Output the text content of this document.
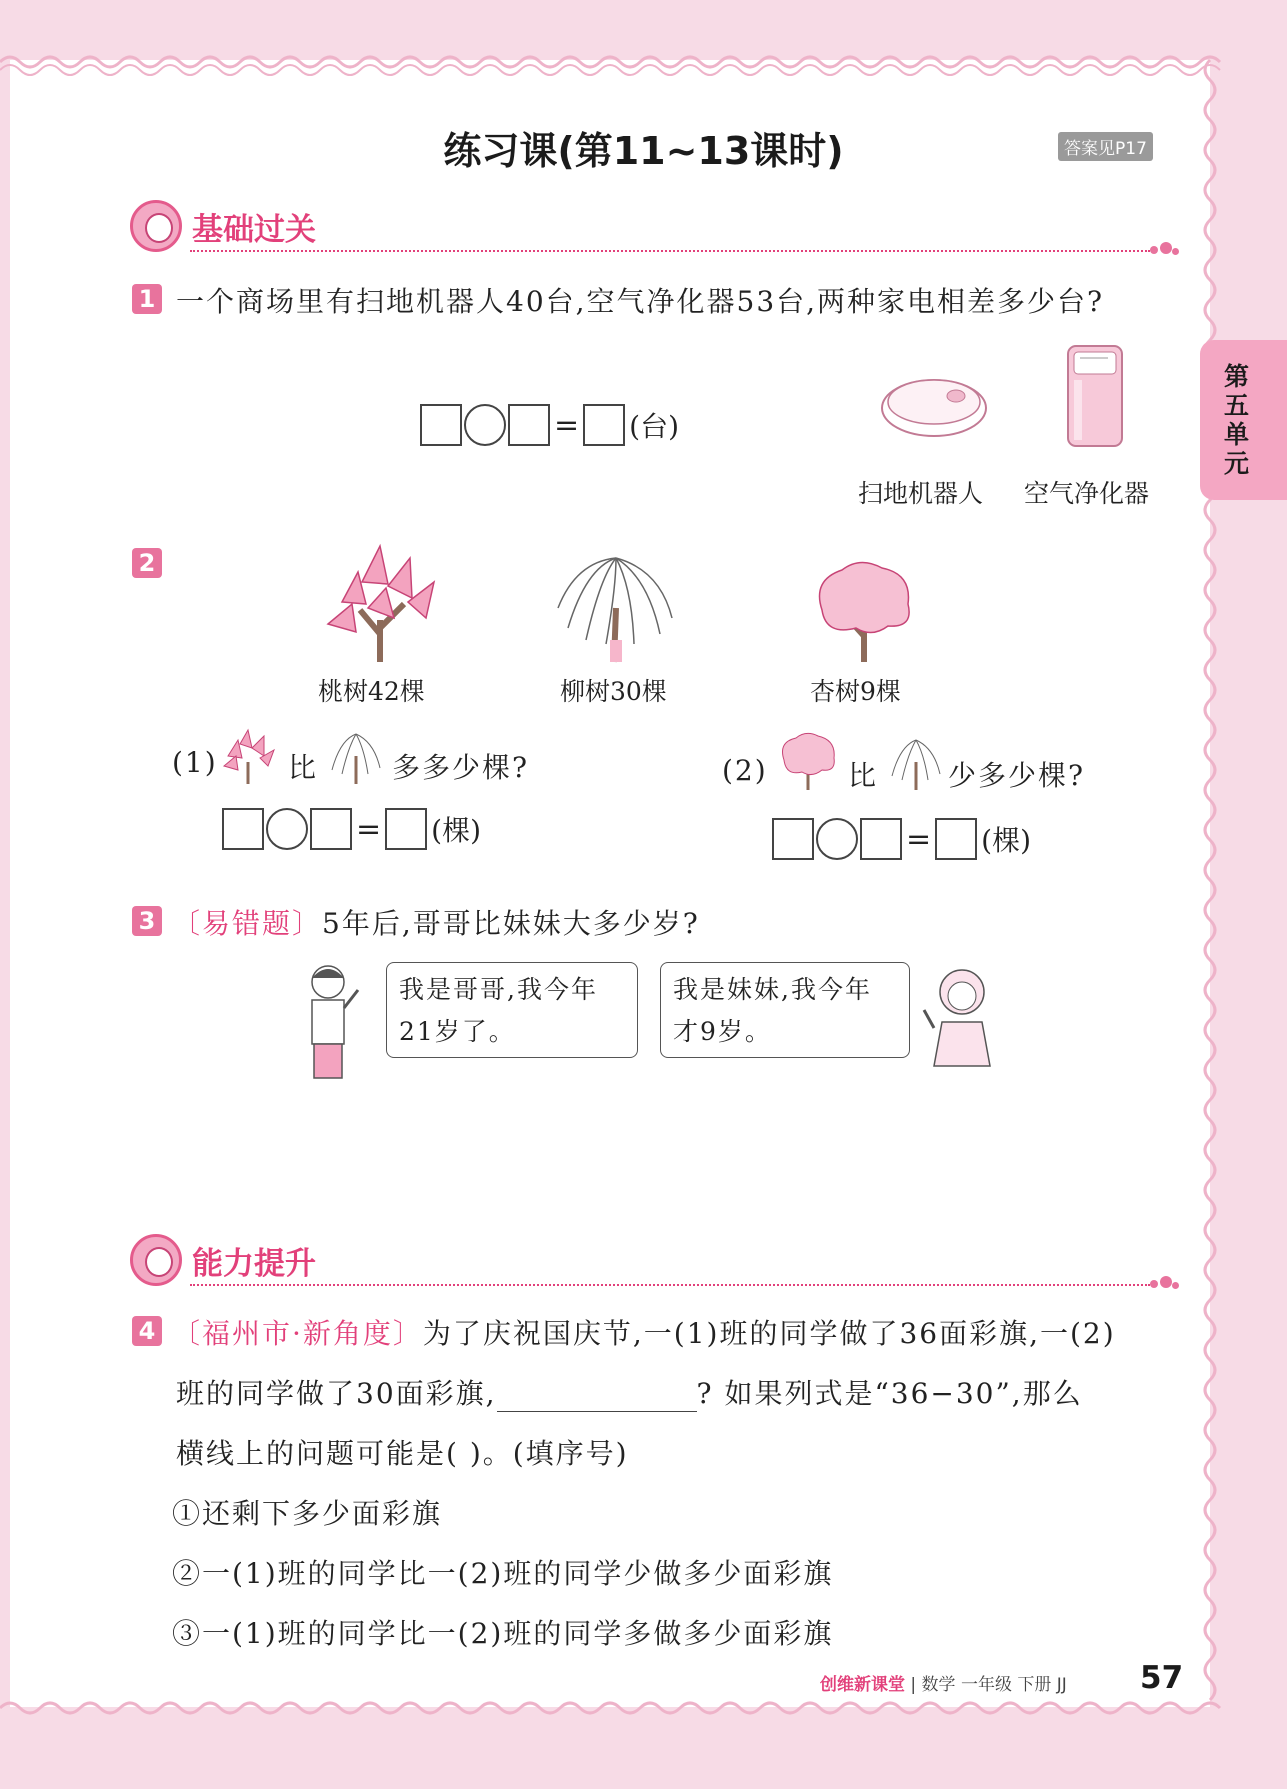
练习课(第11~13课时)	答案见P17
第五单元
基础过关
1 一个商场里有扫地机器人40台,空气净化器53台,两种家电相差多少台?
= (台)
扫地机器人 空气净化器
2
桃树42棵	柳树30棵	杏树9棵
(1)	比	多多少棵?
= (棵)
(2)	比 少多少棵?
= (棵)
3 〔易错题〕5年后,哥哥比妹妹大多少岁?
我是哥哥,我今年
21岁了。
我是妹妹,我今年
才9岁。
能力提升
4 〔福州市·新角度〕为了庆祝国庆节,一(1)班的同学做了36面彩旗,一(2)
班的同学做了30面彩旗,	? 如果列式是“36−30”,那么
横线上的问题可能是( )。(填序号)
①还剩下多少面彩旗
②一(1)班的同学比一(2)班的同学少做多少面彩旗
③一(1)班的同学比一(2)班的同学多做多少面彩旗
创维新课堂 | 数学 一年级 下册 JJ 57
